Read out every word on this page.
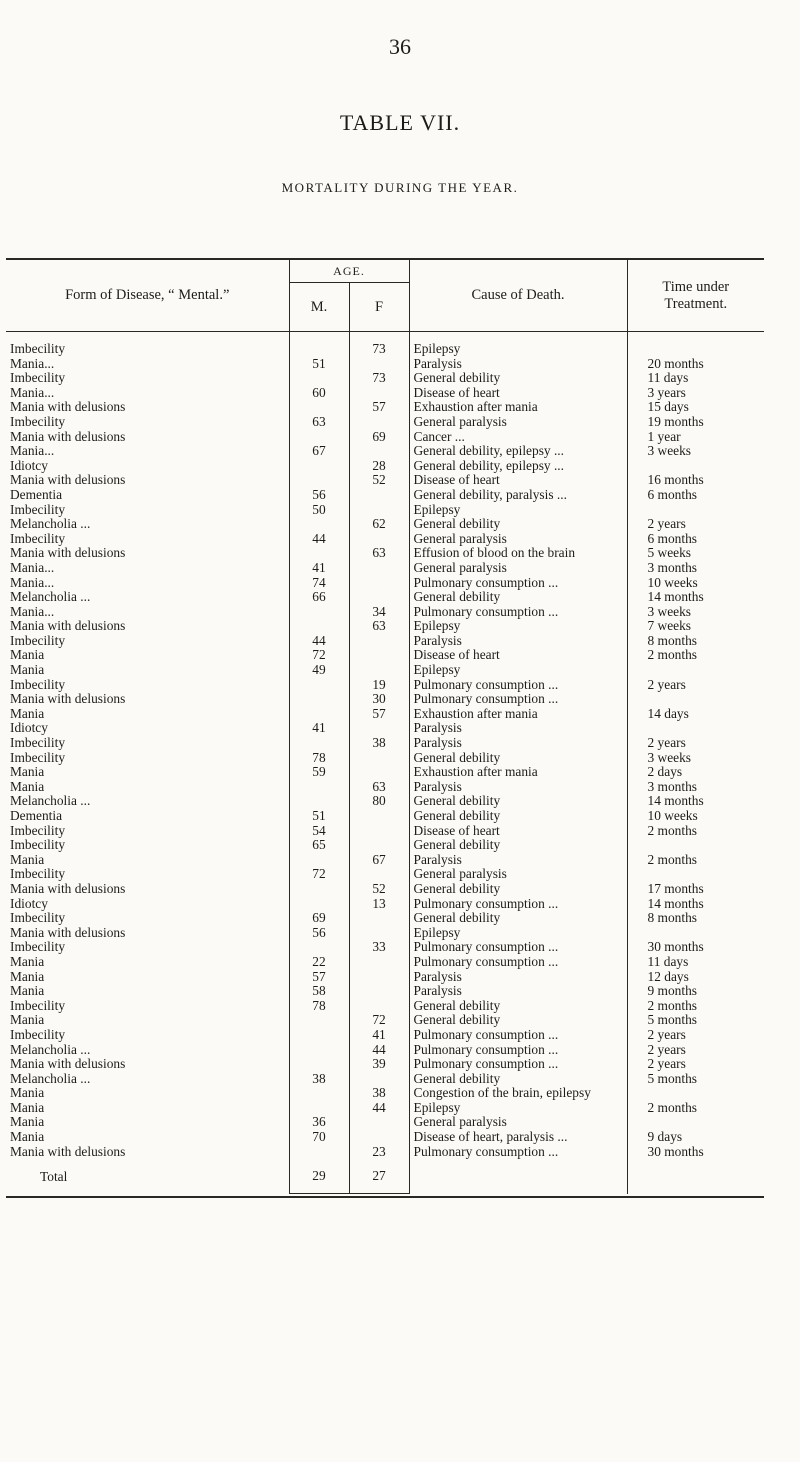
36
TABLE VII.
MORTALITY DURING THE YEAR.
Form of Disease, “ Mental.”	AGE.		Cause of Death.	Time under Treatment.
	M.	F		
Imbecility		73	Epilepsy	
Mania...	51		Paralysis	20 months
Imbecility		73	General debility	11 days
Mania...	60		Disease of heart	3 years
Mania with delusions		57	Exhaustion after mania	15 days
Imbecility	63		General paralysis	19 months
Mania with delusions		69	Cancer ...	1 year
Mania...	67		General debility, epilepsy ...	3 weeks
Idiotcy		28	General debility, epilepsy ...	
Mania with delusions		52	Disease of heart	16 months
Dementia	56		General debility, paralysis ...	6 months
Imbecility	50		Epilepsy	
Melancholia ...		62	General debility	2 years
Imbecility	44		General paralysis	6 months
Mania with delusions		63	Effusion of blood on the brain	5 weeks
Mania...	41		General paralysis	3 months
Mania...	74		Pulmonary consumption ...	10 weeks
Melancholia ...	66		General debility	14 months
Mania...		34	Pulmonary consumption ...	3 weeks
Mania with delusions		63	Epilepsy	7 weeks
Imbecility	44		Paralysis	8 months
Mania	72		Disease of heart	2 months
Mania	49		Epilepsy	
Imbecility		19	Pulmonary consumption ...	2 years
Mania with delusions		30	Pulmonary consumption ...	
Mania		57	Exhaustion after mania	14 days
Idiotcy	41		Paralysis	
Imbecility		38	Paralysis	2 years
Imbecility	78		General debility	3 weeks
Mania	59		Exhaustion after mania	2 days
Mania		63	Paralysis	3 months
Melancholia ...		80	General debility	14 months
Dementia	51		General debility	10 weeks
Imbecility	54		Disease of heart	2 months
Imbecility	65		General debility	
Mania		67	Paralysis	2 months
Imbecility	72		General paralysis	
Mania with delusions		52	General debility	17 months
Idiotcy		13	Pulmonary consumption ...	14 months
Imbecility	69		General debility	8 months
Mania with delusions	56		Epilepsy	
Imbecility		33	Pulmonary consumption ...	30 months
Mania	22		Pulmonary consumption ...	11 days
Mania	57		Paralysis	12 days
Mania	58		Paralysis	9 months
Imbecility	78		General debility	2 months
Mania		72	General debility	5 months
Imbecility		41	Pulmonary consumption ...	2 years
Melancholia ...		44	Pulmonary consumption ...	2 years
Mania with delusions		39	Pulmonary consumption ...	2 years
Melancholia ...	38		General debility	5 months
Mania		38	Congestion of the brain, epilepsy	
Mania		44	Epilepsy	2 months
Mania	36		General paralysis	
Mania	70		Disease of heart, paralysis ...	9 days
Mania with delusions		23	Pulmonary consumption ...	30 months
Total	29	27		
